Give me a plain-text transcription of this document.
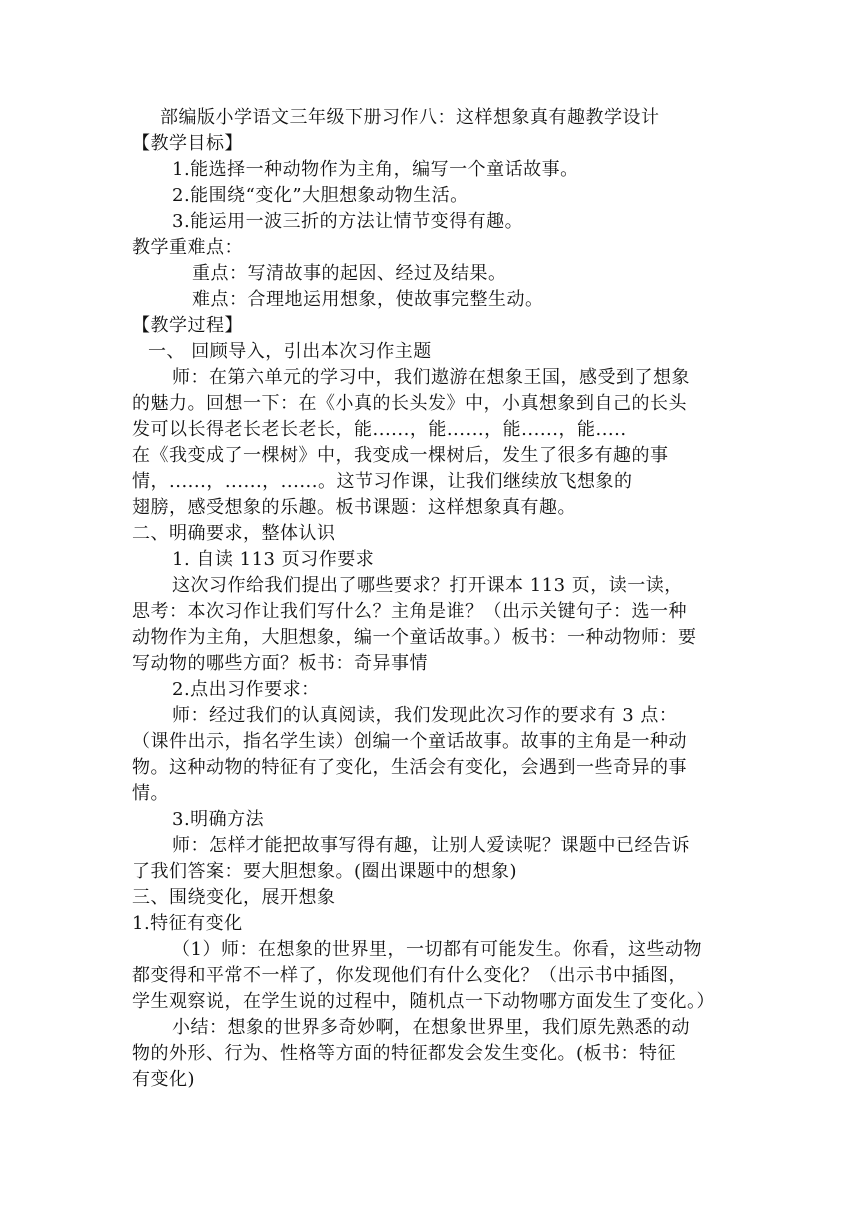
部编版小学语文三年级下册习作八：这样想象真有趣教学设计
【教学目标】
1.能选择一种动物作为主角，编写一个童话故事。
2.能围绕“变化”大胆想象动物生活。
3.能运用一波三折的方法让情节变得有趣。
教学重难点：
重点：写清故事的起因、经过及结果。
难点：合理地运用想象，使故事完整生动。
【教学过程】
一、 回顾导入，引出本次习作主题
师：在第六单元的学习中，我们遨游在想象王国，感受到了想象
的魅力。回想一下：在《小真的长头发》中，小真想象到自己的长头
发可以长得老长老长老长，能......，能......，能......，能.....
在《我变成了一棵树》中，我变成一棵树后，发生了很多有趣的事
情，......，......，......。这节习作课，让我们继续放飞想象的
翅膀，感受想象的乐趣。板书课题：这样想象真有趣。
二、明确要求，整体认识
1. 自读 113 页习作要求
这次习作给我们提出了哪些要求？打开课本 113 页，读一读，
思考：本次习作让我们写什么？主角是谁？（出示关键句子：选一种
动物作为主角，大胆想象，编一个童话故事。）板书：一种动物师：要
写动物的哪些方面？板书：奇异事情
2.点出习作要求：
师：经过我们的认真阅读，我们发现此次习作的要求有 3 点：
（课件出示，指名学生读）创编一个童话故事。故事的主角是一种动
物。这种动物的特征有了变化，生活会有变化，会遇到一些奇异的事
情。
3.明确方法
师：怎样才能把故事写得有趣，让别人爱读呢？课题中已经告诉
了我们答案：要大胆想象。(圈出课题中的想象)
三、围绕变化，展开想象
1.特征有变化
（1）师：在想象的世界里，一切都有可能发生。你看，这些动物
都变得和平常不一样了，你发现他们有什么变化？（出示书中插图，
学生观察说，在学生说的过程中，随机点一下动物哪方面发生了变化。）
小结：想象的世界多奇妙啊，在想象世界里，我们原先熟悉的动
物的外形、行为、性格等方面的特征都发会发生变化。(板书：特征
有变化)
